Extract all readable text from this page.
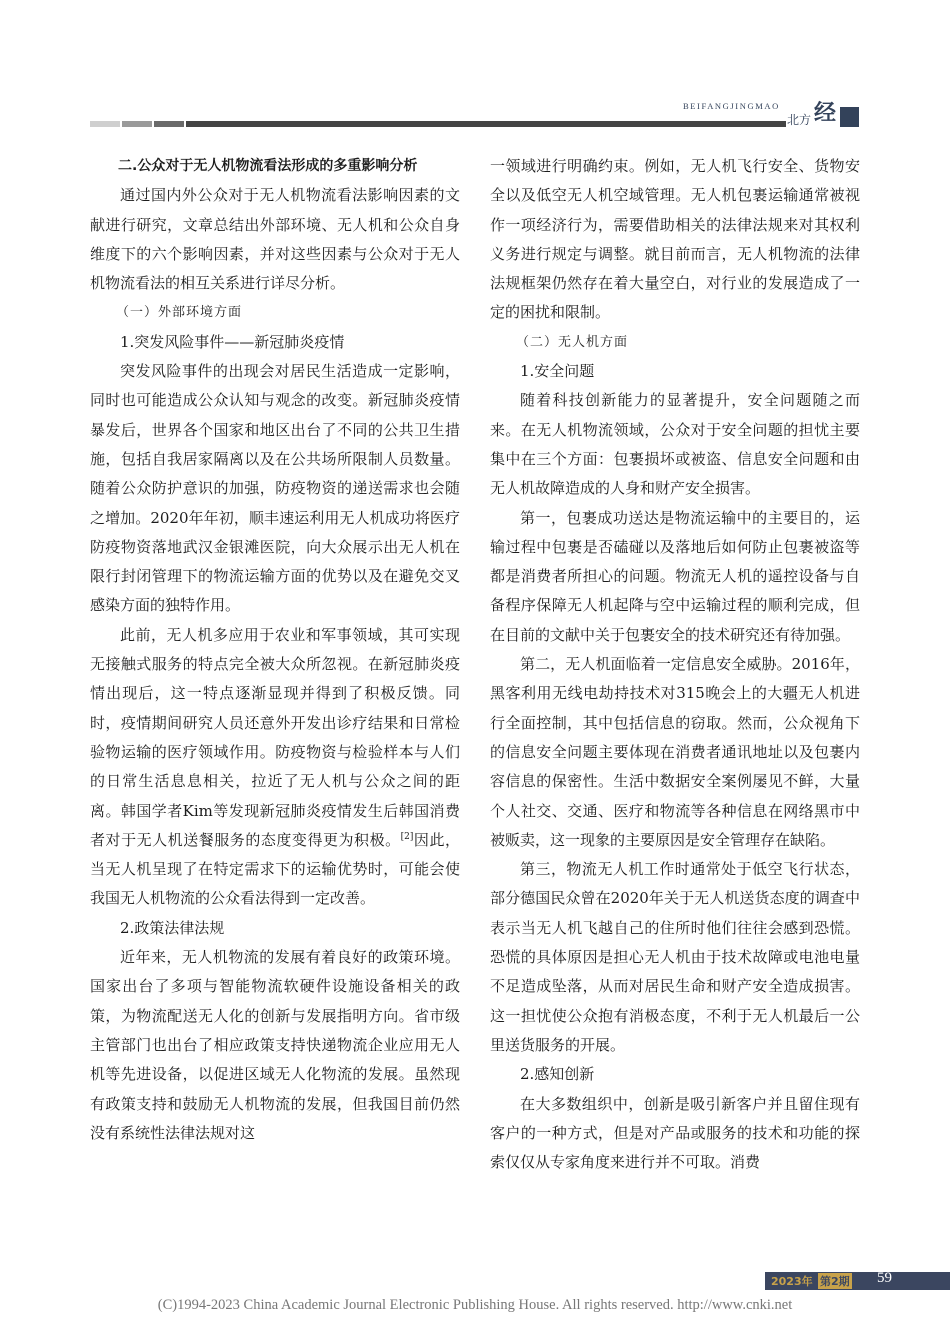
BEIFANGJINGMAO
北方 经

二.公众对于无人机物流看法形成的多重影响分析

通过国内外公众对于无人机物流看法影响因素的文献进行研究，文章总结出外部环境、无人机和公众自身维度下的六个影响因素，并对这些因素与公众对于无人机物流看法的相互关系进行详尽分析。

（一）外部环境方面

1.突发风险事件——新冠肺炎疫情

突发风险事件的出现会对居民生活造成一定影响，同时也可能造成公众认知与观念的改变。新冠肺炎疫情暴发后，世界各个国家和地区出台了不同的公共卫生措施，包括自我居家隔离以及在公共场所限制人员数量。随着公众防护意识的加强，防疫物资的递送需求也会随之增加。2020年年初，顺丰速运利用无人机成功将医疗防疫物资落地武汉金银滩医院，向大众展示出无人机在限行封闭管理下的物流运输方面的优势以及在避免交叉感染方面的独特作用。

此前，无人机多应用于农业和军事领域，其可实现无接触式服务的特点完全被大众所忽视。在新冠肺炎疫情出现后，这一特点逐渐显现并得到了积极反馈。同时，疫情期间研究人员还意外开发出诊疗结果和日常检验物运输的医疗领域作用。防疫物资与检验样本与人们的日常生活息息相关，拉近了无人机与公众之间的距离。韩国学者Kim等发现新冠肺炎疫情发生后韩国消费者对于无人机送餐服务的态度变得更为积极。[2]因此，当无人机呈现了在特定需求下的运输优势时，可能会使我国无人机物流的公众看法得到一定改善。

2.政策法律法规

近年来，无人机物流的发展有着良好的政策环境。国家出台了多项与智能物流软硬件设施设备相关的政策，为物流配送无人化的创新与发展指明方向。省市级主管部门也出台了相应政策支持快递物流企业应用无人机等先进设备，以促进区域无人化物流的发展。虽然现有政策支持和鼓励无人机物流的发展，但我国目前仍然没有系统性法律法规对这

一领域进行明确约束。例如，无人机飞行安全、货物安全以及低空无人机空域管理。无人机包裹运输通常被视作一项经济行为，需要借助相关的法律法规来对其权利义务进行规定与调整。就目前而言，无人机物流的法律法规框架仍然存在着大量空白，对行业的发展造成了一定的困扰和限制。

（二）无人机方面

1.安全问题

随着科技创新能力的显著提升，安全问题随之而来。在无人机物流领域，公众对于安全问题的担忧主要集中在三个方面：包裹损坏或被盗、信息安全问题和由无人机故障造成的人身和财产安全损害。

第一，包裹成功送达是物流运输中的主要目的，运输过程中包裹是否磕碰以及落地后如何防止包裹被盗等都是消费者所担心的问题。物流无人机的遥控设备与自备程序保障无人机起降与空中运输过程的顺利完成，但在目前的文献中关于包裹安全的技术研究还有待加强。

第二，无人机面临着一定信息安全威胁。2016年，黑客利用无线电劫持技术对315晚会上的大疆无人机进行全面控制，其中包括信息的窃取。然而，公众视角下的信息安全问题主要体现在消费者通讯地址以及包裹内容信息的保密性。生活中数据安全案例屡见不鲜，大量个人社交、交通、医疗和物流等各种信息在网络黑市中被贩卖，这一现象的主要原因是安全管理存在缺陷。

第三，物流无人机工作时通常处于低空飞行状态，部分德国民众曾在2020年关于无人机送货态度的调查中表示当无人机飞越自己的住所时他们往往会感到恐慌。恐慌的具体原因是担心无人机由于技术故障或电池电量不足造成坠落，从而对居民生命和财产安全造成损害。这一担忧使公众抱有消极态度，不利于无人机最后一公里送货服务的开展。

2.感知创新

在大多数组织中，创新是吸引新客户并且留住现有客户的一种方式，但是对产品或服务的技术和功能的探索仅仅从专家角度来进行并不可取。消费

2023年 第2期 59
(C)1994-2023 China Academic Journal Electronic Publishing House. All rights reserved. http://www.cnki.net
